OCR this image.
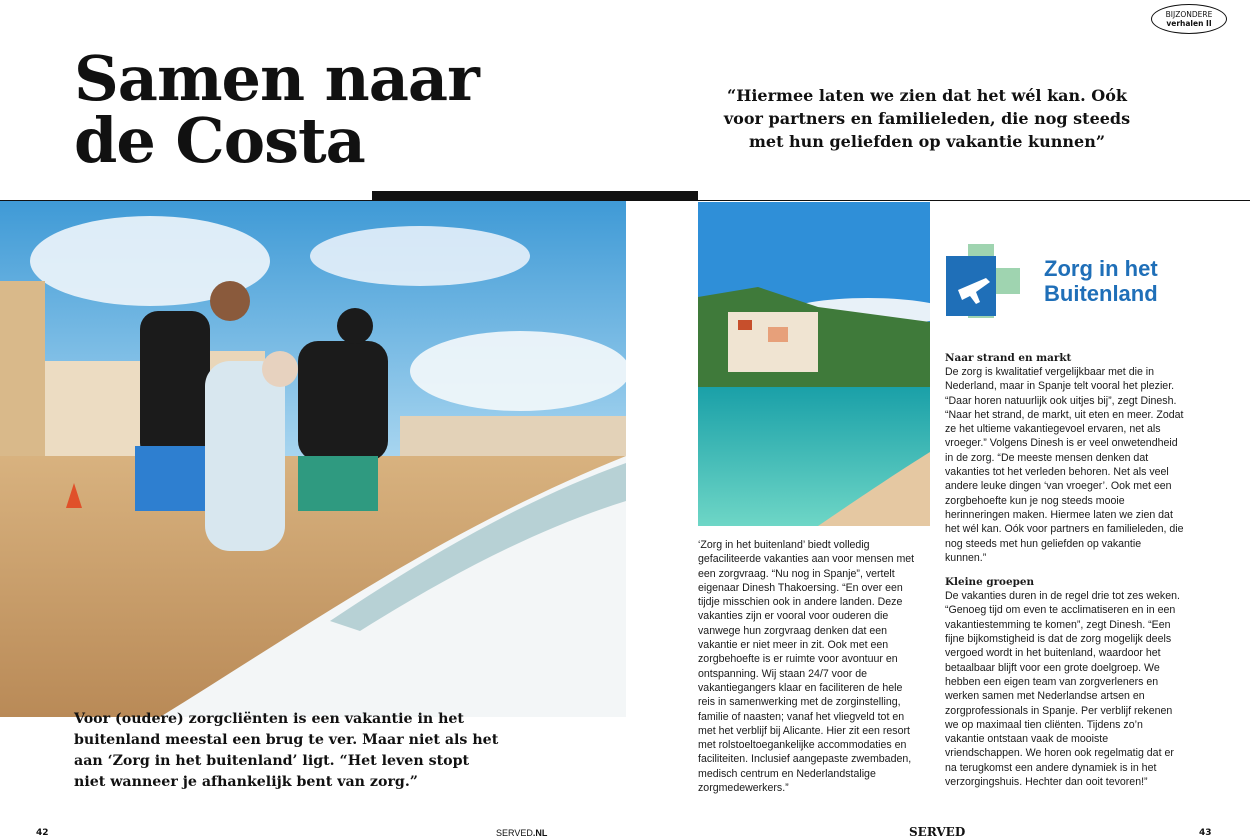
BIJZONDERE
verhalen II
Samen naar
de Costa

“Hiermee laten we zien dat het wél kan. Oók voor partners en familieleden, die nog steeds met hun geliefden op vakantie kunnen”

Zorg in het
Buitenland

Voor (oudere) zorgcliënten is een vakantie in het buitenland meestal een brug te ver. Maar niet als het aan ‘Zorg in het buitenland’ ligt. “Het leven stopt niet wanneer je afhankelijk bent van zorg.”

‘Zorg in het buitenland’ biedt volledig gefaciliteerde vakanties aan voor mensen met een zorgvraag. “Nu nog in Spanje”, vertelt eigenaar Dinesh Thakoersing. “En over een tijdje misschien ook in andere landen. Deze vakanties zijn er vooral voor ouderen die vanwege hun zorgvraag denken dat een vakantie er niet meer in zit. Ook met een zorgbehoefte is er ruimte voor avontuur en ontspanning. Wij staan 24/7 voor de vakantiegangers klaar en faciliteren de hele reis in samenwerking met de zorginstelling, familie of naasten; vanaf het vliegveld tot en met het verblijf bij Alicante. Hier zit een resort met rolstoeltoegankelijke accommodaties en faciliteiten. Inclusief aangepaste zwembaden, medisch centrum en Nederlandstalige zorgmedewerkers.”

Naar strand en markt

De zorg is kwalitatief vergelijkbaar met die in Nederland, maar in Spanje telt vooral het plezier. “Daar horen natuurlijk ook uitjes bij”, zegt Dinesh. “Naar het strand, de markt, uit eten en meer. Zodat ze het ultieme vakantiegevoel ervaren, net als vroeger.” Volgens Dinesh is er veel onwetendheid in de zorg. “De meeste mensen denken dat vakanties tot het verleden behoren. Net als veel andere leuke dingen ‘van vroeger’. Ook met een zorgbehoefte kun je nog steeds mooie herinneringen maken. Hiermee laten we zien dat het wél kan. Oók voor partners en familieleden, die nog steeds met hun geliefden op vakantie kunnen.”

Kleine groepen

De vakanties duren in de regel drie tot zes weken. “Genoeg tijd om even te acclimatiseren en in een vakantiestemming te komen”, zegt Dinesh. “Een fijne bijkomstigheid is dat de zorg mogelijk deels vergoed wordt in het buitenland, waardoor het betaalbaar blijft voor een grote doelgroep. We hebben een eigen team van zorgverleners en werken samen met Nederlandse artsen en zorgprofessionals in Spanje. Per verblijf rekenen we op maximaal tien cliënten. Tijdens zo’n vakantie ontstaan vaak de mooiste vriendschappen. We horen ook regelmatig dat er na terugkomst een andere dynamiek is in het verzorgingshuis. Hechter dan ooit tevoren!”

42	SERVED.NL	SERVED	43
